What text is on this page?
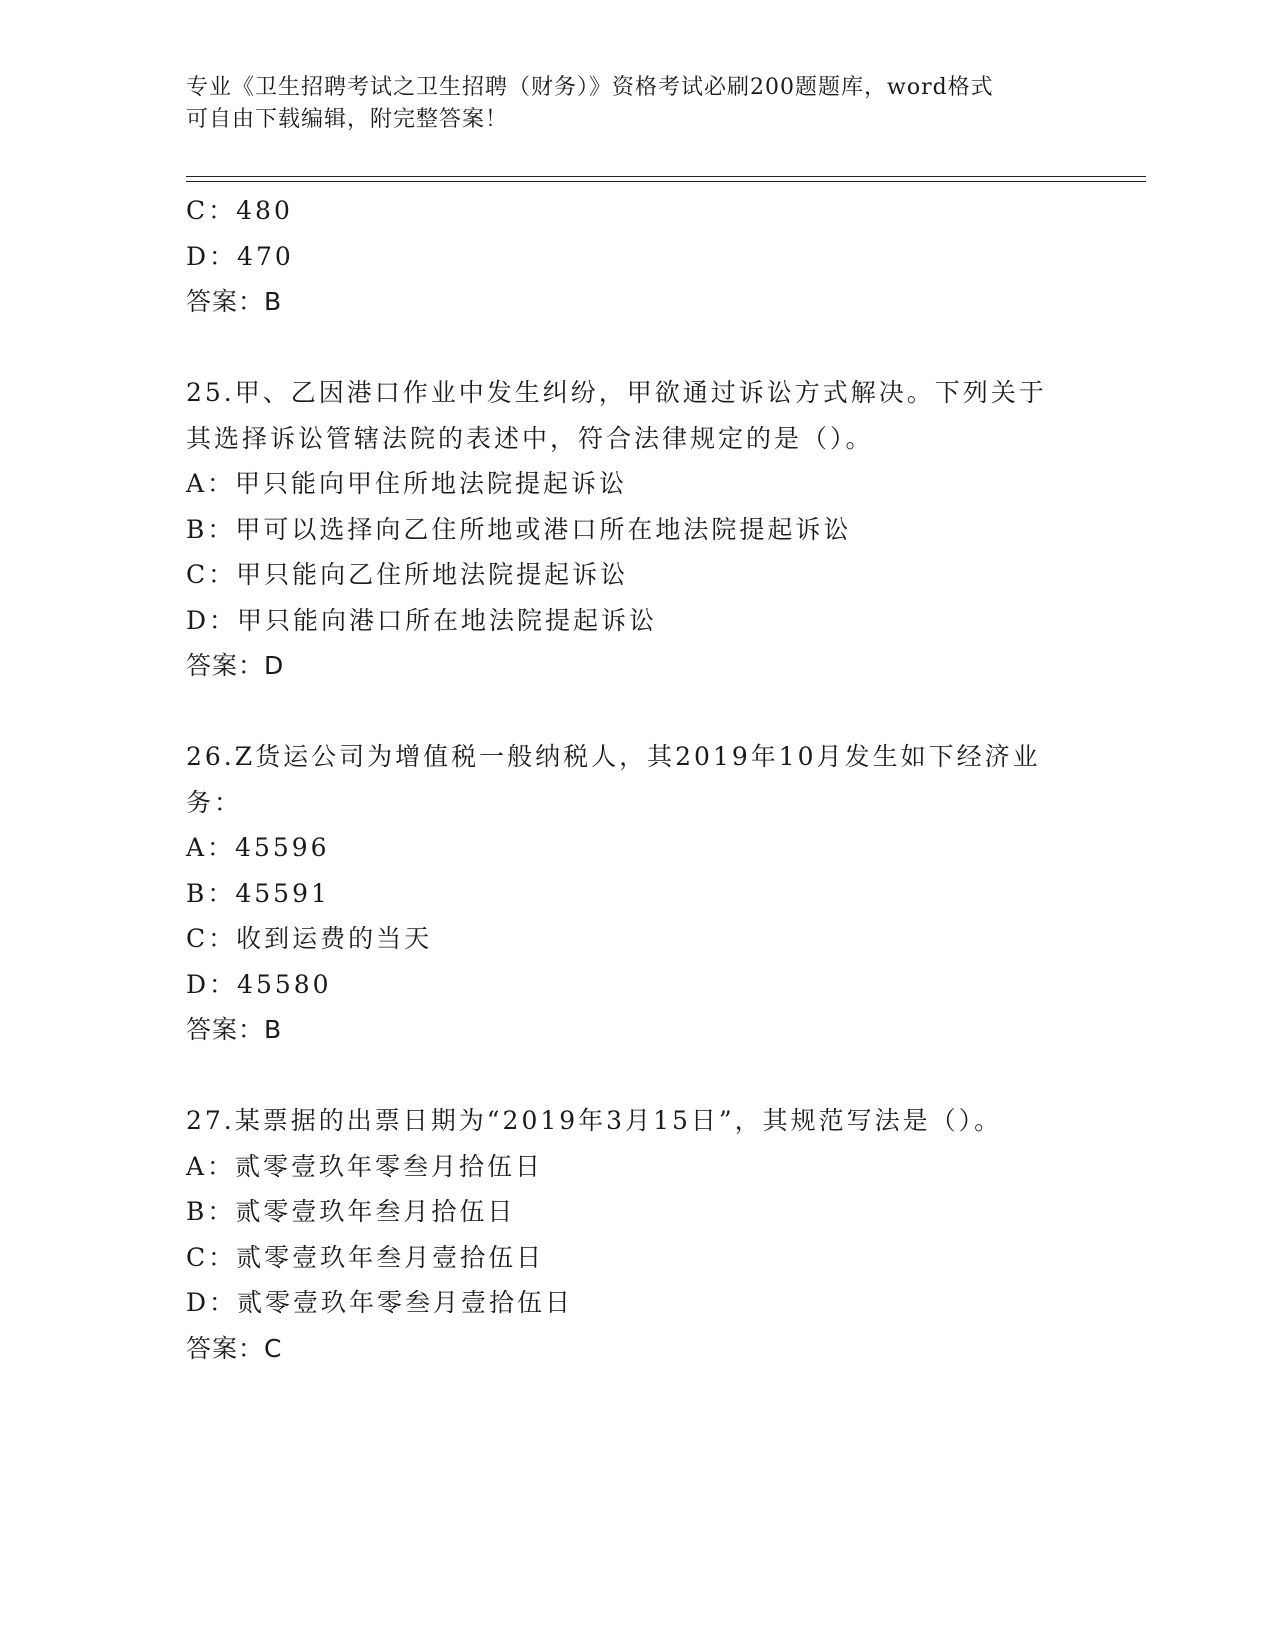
专业《卫生招聘考试之卫生招聘（财务）》资格考试必刷200题题库，word格式
可自由下载编辑，附完整答案！
C：480
D：470
答案：B
25.甲、乙因港口作业中发生纠纷，甲欲通过诉讼方式解决。下列关于
其选择诉讼管辖法院的表述中，符合法律规定的是（）。
A：甲只能向甲住所地法院提起诉讼
B：甲可以选择向乙住所地或港口所在地法院提起诉讼
C：甲只能向乙住所地法院提起诉讼
D：甲只能向港口所在地法院提起诉讼
答案：D
26.Z货运公司为增值税一般纳税人，其2019年10月发生如下经济业
务：
A：45596
B：45591
C：收到运费的当天
D：45580
答案：B
27.某票据的出票日期为“2019年3月15日”，其规范写法是（）。
A：贰零壹玖年零叁月拾伍日
B：贰零壹玖年叁月拾伍日
C：贰零壹玖年叁月壹拾伍日
D：贰零壹玖年零叁月壹拾伍日
答案：C
